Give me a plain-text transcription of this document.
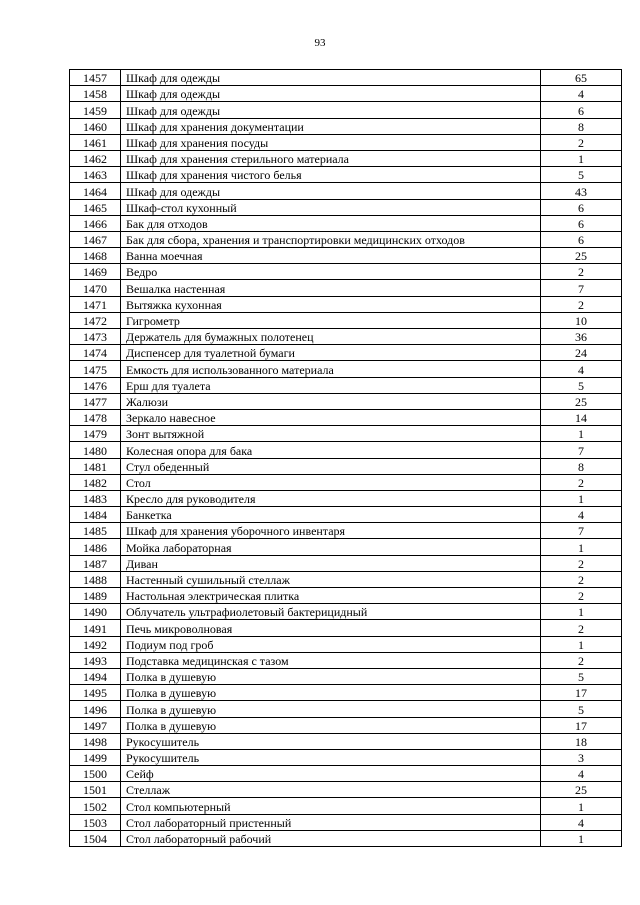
93
1457	Шкаф для одежды	65
1458	Шкаф для одежды	4
1459	Шкаф для одежды	6
1460	Шкаф для хранения документации	8
1461	Шкаф для хранения посуды	2
1462	Шкаф для хранения стерильного материала	1
1463	Шкаф для хранения чистого белья	5
1464	Шкаф для одежды	43
1465	Шкаф-стол кухонный	6
1466	Бак для отходов	6
1467	Бак для сбора, хранения и транспортировки медицинских отходов	6
1468	Ванна моечная	25
1469	Ведро	2
1470	Вешалка настенная	7
1471	Вытяжка кухонная	2
1472	Гигрометр	10
1473	Держатель для бумажных полотенец	36
1474	Диспенсер для туалетной бумаги	24
1475	Емкость для использованного материала	4
1476	Ерш для туалета	5
1477	Жалюзи	25
1478	Зеркало навесное	14
1479	Зонт вытяжной	1
1480	Колесная опора для бака	7
1481	Стул обеденный	8
1482	Стол	2
1483	Кресло для руководителя	1
1484	Банкетка	4
1485	Шкаф для хранения уборочного инвентаря	7
1486	Мойка лабораторная	1
1487	Диван	2
1488	Настенный сушильный стеллаж	2
1489	Настольная электрическая плитка	2
1490	Облучатель ультрафиолетовый бактерицидный	1
1491	Печь микроволновая	2
1492	Подиум под гроб	1
1493	Подставка медицинская с тазом	2
1494	Полка в душевую	5
1495	Полка в душевую	17
1496	Полка в душевую	5
1497	Полка в душевую	17
1498	Рукосушитель	18
1499	Рукосушитель	3
1500	Сейф	4
1501	Стеллаж	25
1502	Стол компьютерный	1
1503	Стол лабораторный пристенный	4
1504	Стол лабораторный рабочий	1
